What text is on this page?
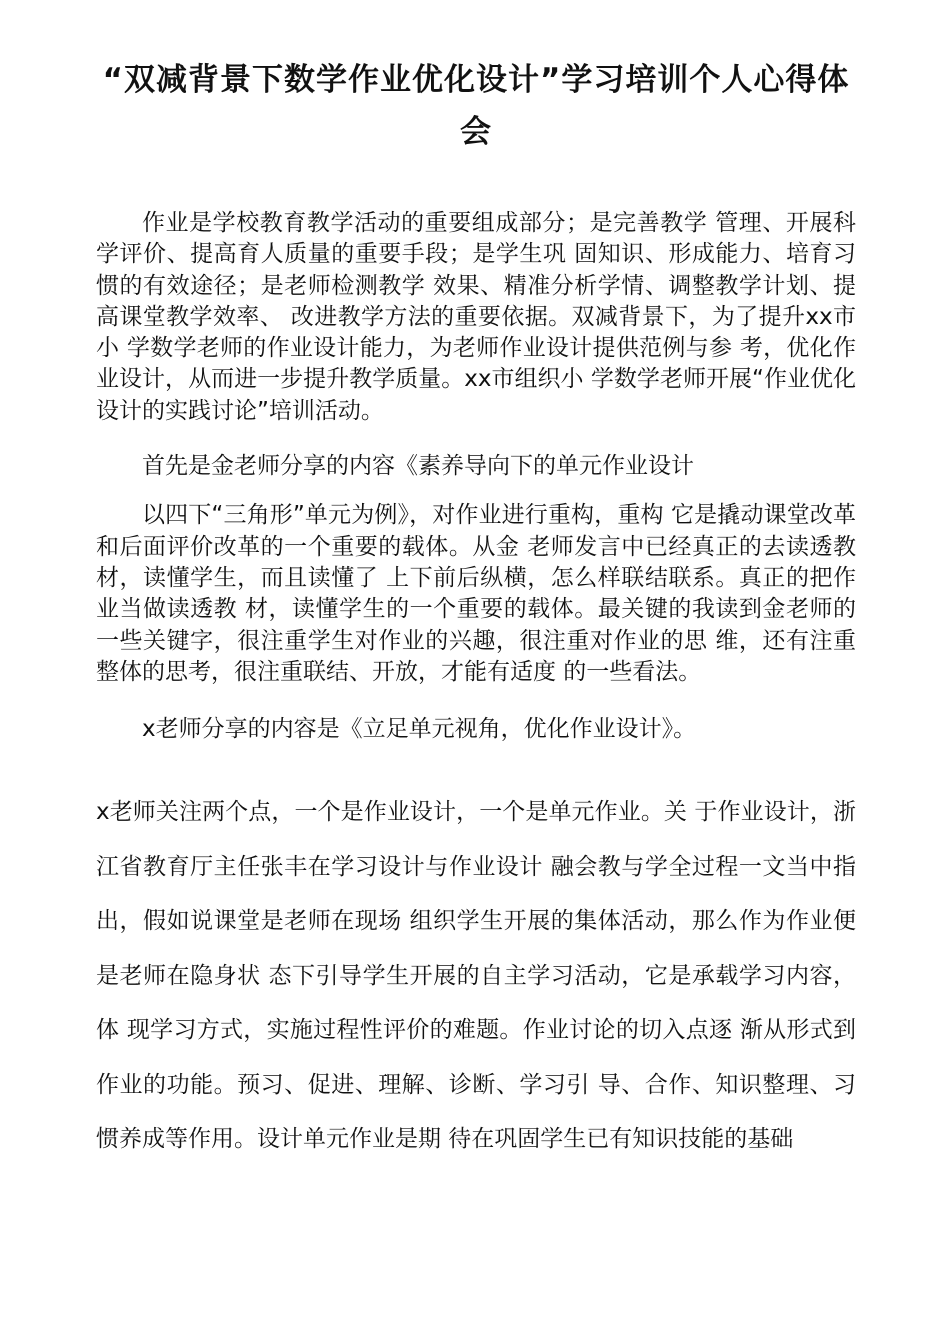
“双减背景下数学作业优化设计”学习培训个人心得体会

作业是学校教育教学活动的重要组成部分；是完善教学 管理、开展科学评价、提高育人质量的重要手段；是学生巩 固知识、形成能力、培育习惯的有效途径；是老师检测教学 效果、精准分析学情、调整教学计划、提高课堂教学效率、 改进教学方法的重要依据。双减背景下，为了提升xx市小 学数学老师的作业设计能力，为老师作业设计提供范例与参 考，优化作业设计，从而进一步提升教学质量。xx市组织小 学数学老师开展“作业优化设计的实践讨论”培训活动。

首先是金老师分享的内容《素养导向下的单元作业设计

以四下“三角形”单元为例》，对作业进行重构，重构 它是撬动课堂改革和后面评价改革的一个重要的载体。从金 老师发言中已经真正的去读透教材，读懂学生，而且读懂了 上下前后纵横，怎么样联结联系。真正的把作业当做读透教 材，读懂学生的一个重要的载体。最关键的我读到金老师的 一些关键字，很注重学生对作业的兴趣，很注重对作业的思 维，还有注重整体的思考，很注重联结、开放，才能有适度 的一些看法。

x老师分享的内容是《立足单元视角，优化作业设计》。

x老师关注两个点，一个是作业设计，一个是单元作业。关 于作业设计，浙江省教育厅主任张丰在学习设计与作业设计 融会教与学全过程一文当中指出，假如说课堂是老师在现场 组织学生开展的集体活动，那么作为作业便是老师在隐身状 态下引导学生开展的自主学习活动，它是承载学习内容，体 现学习方式，实施过程性评价的难题。作业讨论的切入点逐 渐从形式到作业的功能。预习、促进、理解、诊断、学习引 导、合作、知识整理、习惯养成等作用。设计单元作业是期 待在巩固学生已有知识技能的基础
